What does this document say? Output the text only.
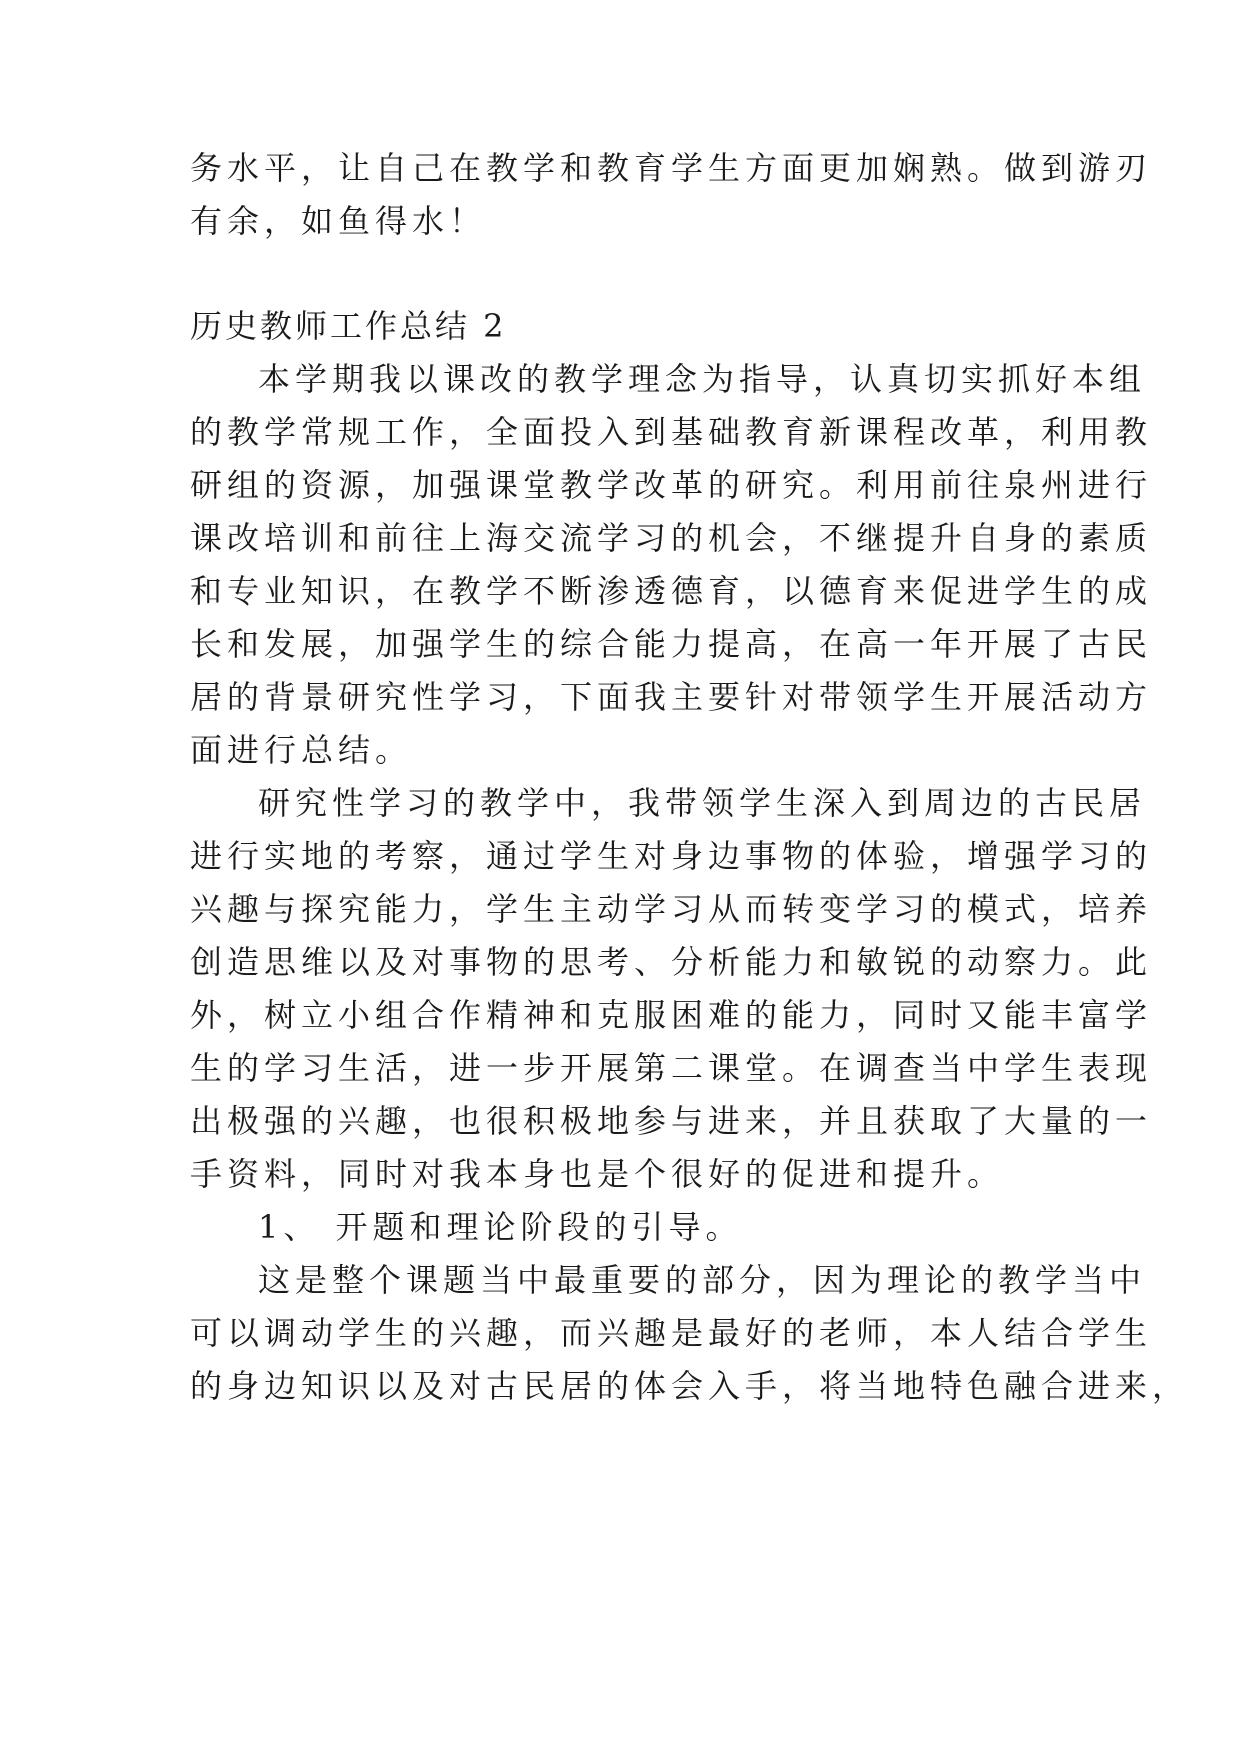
务水平，让自己在教学和教育学生方面更加娴熟。做到游刃
有余，如鱼得水！
历史教师工作总结 2
本学期我以课改的教学理念为指导，认真切实抓好本组
的教学常规工作，全面投入到基础教育新课程改革，利用教
研组的资源，加强课堂教学改革的研究。利用前往泉州进行
课改培训和前往上海交流学习的机会，不继提升自身的素质
和专业知识，在教学不断渗透德育，以德育来促进学生的成
长和发展，加强学生的综合能力提高，在高一年开展了古民
居的背景研究性学习，下面我主要针对带领学生开展活动方
面进行总结。
研究性学习的教学中，我带领学生深入到周边的古民居
进行实地的考察，通过学生对身边事物的体验，增强学习的
兴趣与探究能力，学生主动学习从而转变学习的模式，培养
创造思维以及对事物的思考、分析能力和敏锐的动察力。此
外，树立小组合作精神和克服困难的能力，同时又能丰富学
生的学习生活，进一步开展第二课堂。在调查当中学生表现
出极强的兴趣，也很积极地参与进来，并且获取了大量的一
手资料，同时对我本身也是个很好的促进和提升。
1、 开题和理论阶段的引导。
这是整个课题当中最重要的部分，因为理论的教学当中
可以调动学生的兴趣，而兴趣是最好的老师，本人结合学生
的身边知识以及对古民居的体会入手，将当地特色融合进来，
